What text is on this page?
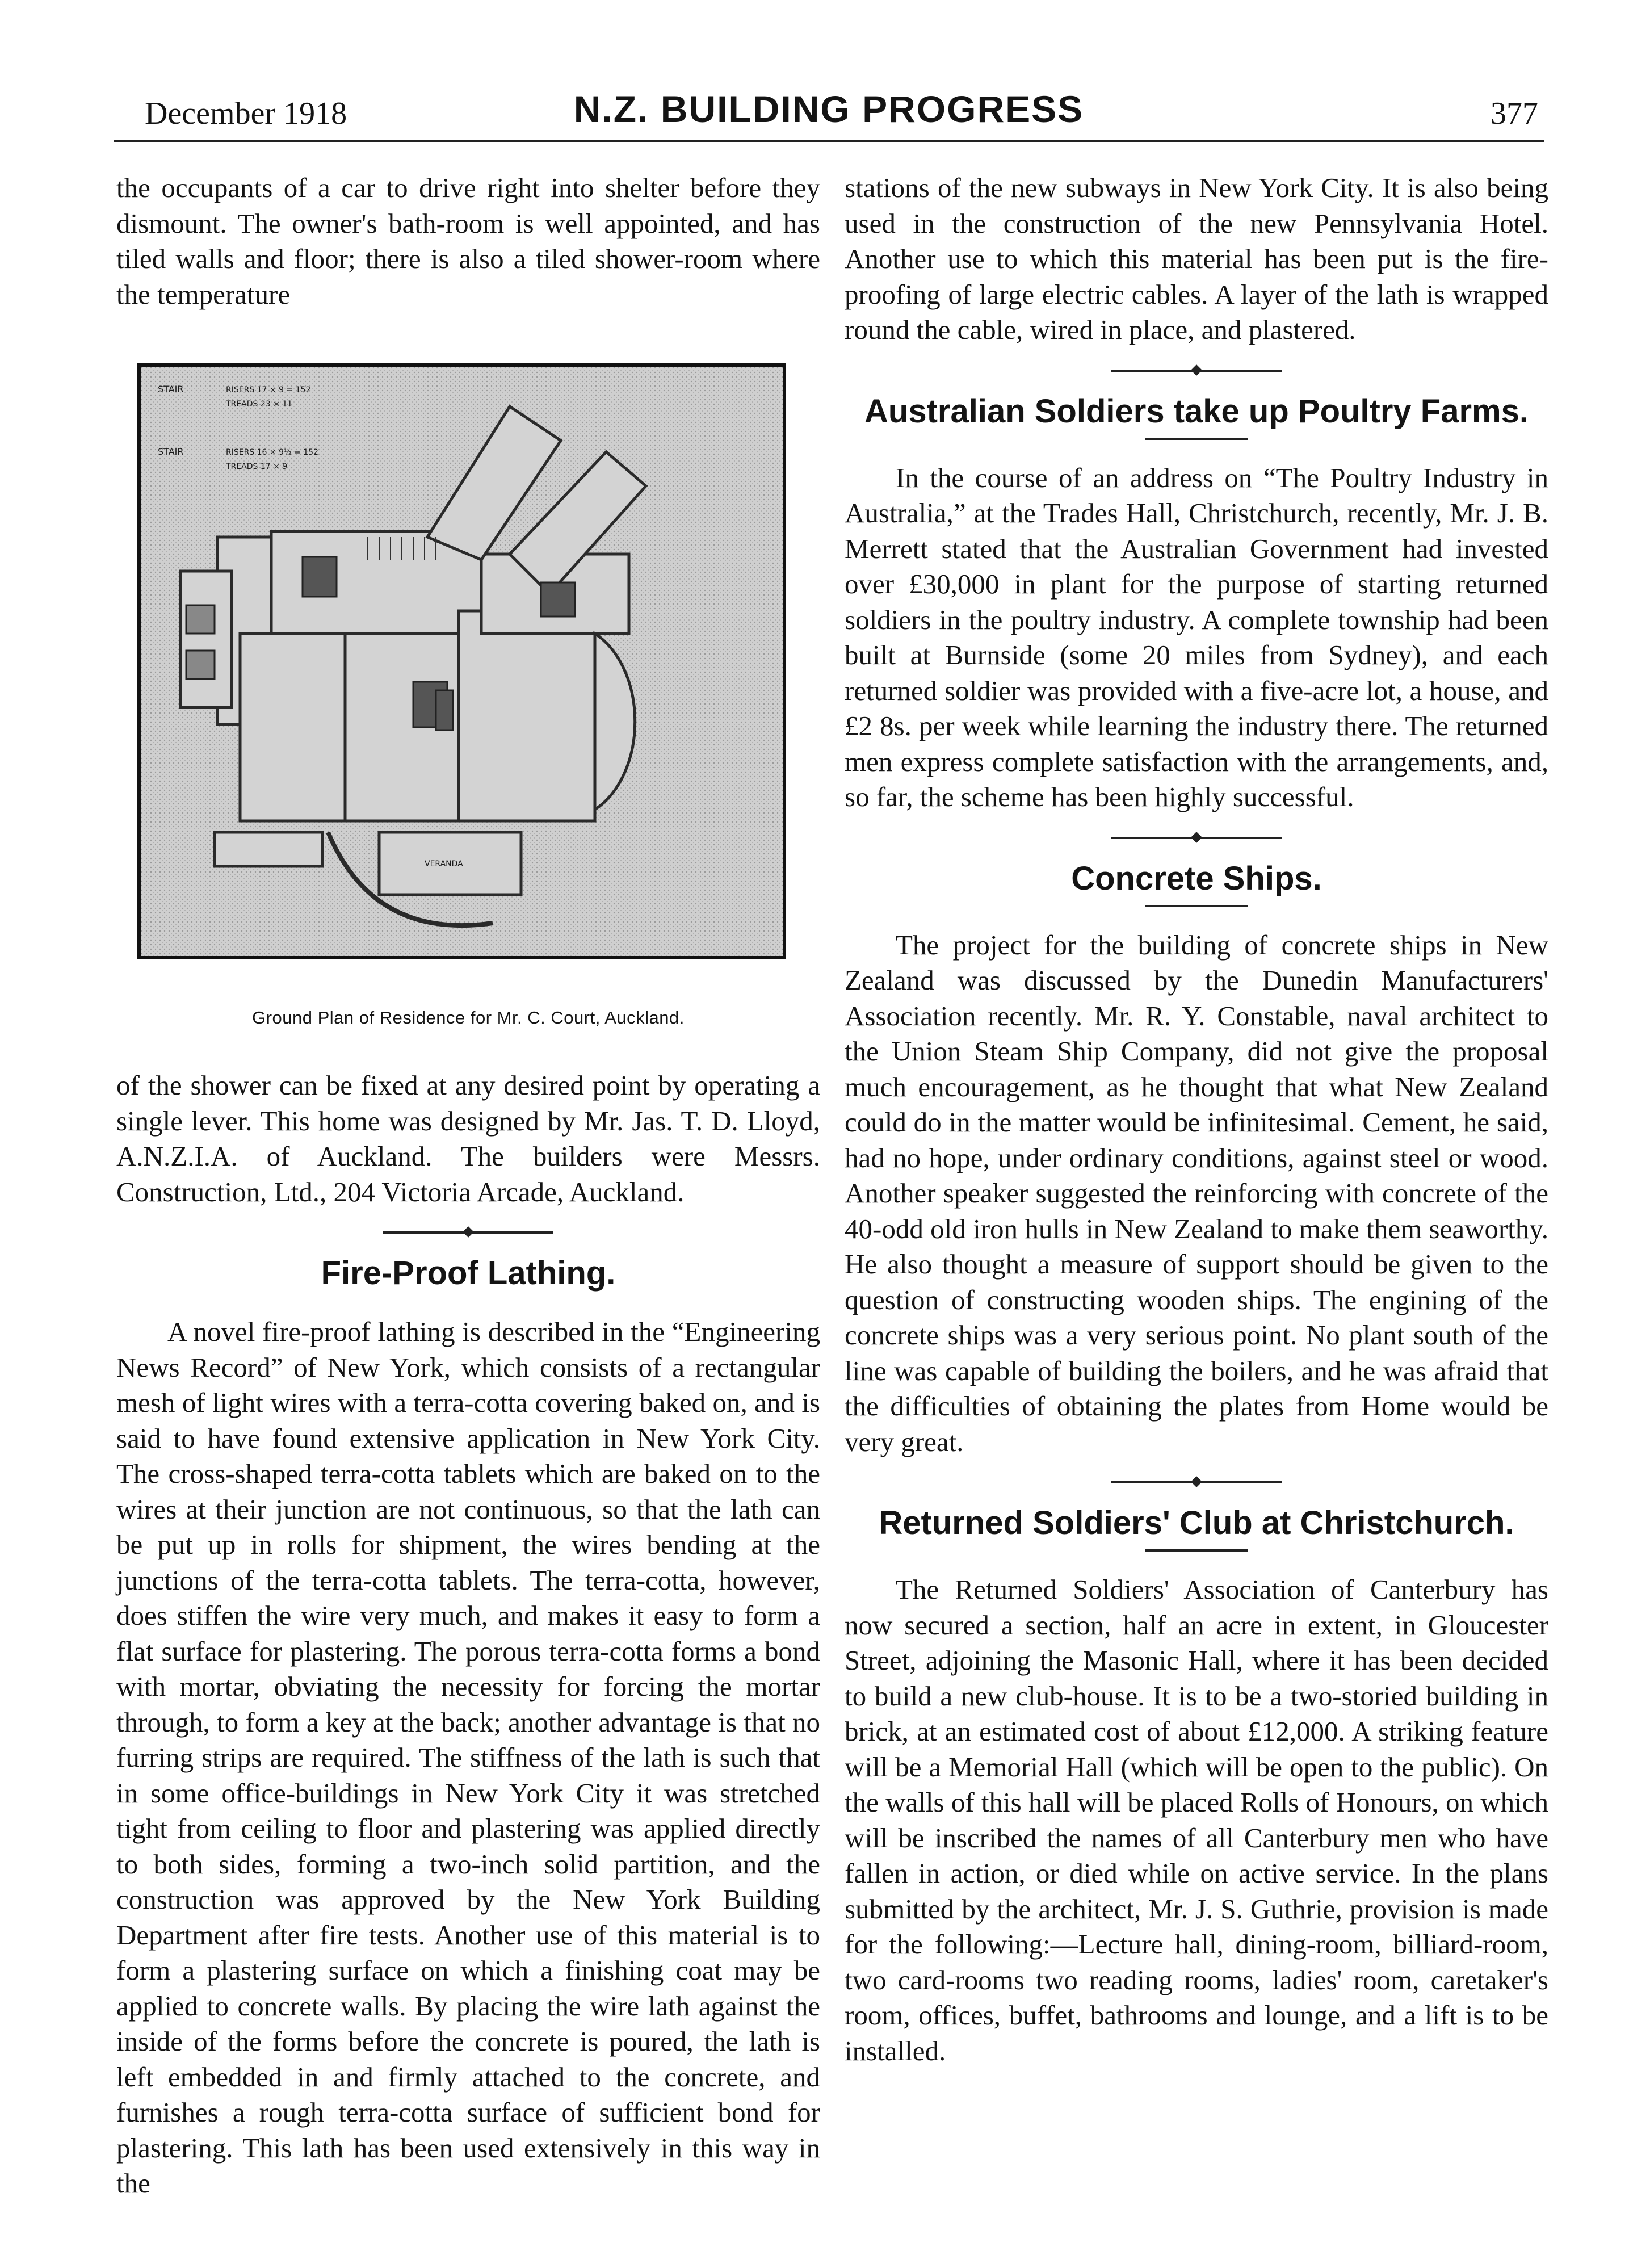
December 1918	N.Z. BUILDING PROGRESS	377

the occupants of a car to drive right into shelter before they dismount. The owner's bath-room is well appointed, and has tiled walls and floor; there is also a tiled shower-room where the temperature

STAIR	RISERS 17 × 9 = 152
TREADS 23 × 11
STAIR	RISERS 16 × 9½ = 152
TREADS 17 × 9
VERANDA
Ground Plan of Residence for Mr. C. Court, Auckland.

of the shower can be fixed at any desired point by operating a single lever. This home was designed by Mr. Jas. T. D. Lloyd, A.N.Z.I.A. of Auckland. The builders were Messrs. Construction, Ltd., 204 Victoria Arcade, Auckland.

Fire-Proof Lathing.

A novel fire-proof lathing is described in the “Engineering News Record” of New York, which consists of a rectangular mesh of light wires with a terra-cotta covering baked on, and is said to have found extensive application in New York City. The cross-shaped terra-cotta tablets which are baked on to the wires at their junction are not continuous, so that the lath can be put up in rolls for shipment, the wires bending at the junctions of the terra-cotta tablets. The terra-cotta, however, does stiffen the wire very much, and makes it easy to form a flat surface for plastering. The porous terra-cotta forms a bond with mortar, obviating the necessity for forcing the mortar through, to form a key at the back; another advantage is that no furring strips are required. The stiffness of the lath is such that in some office-buildings in New York City it was stretched tight from ceiling to floor and plastering was applied directly to both sides, forming a two-inch solid partition, and the construction was approved by the New York Building Department after fire tests. Another use of this material is to form a plastering surface on which a finishing coat may be applied to concrete walls. By placing the wire lath against the inside of the forms before the concrete is poured, the lath is left embedded in and firmly attached to the concrete, and furnishes a rough terra-cotta surface of sufficient bond for plastering. This lath has been used extensively in this way in the

stations of the new subways in New York City. It is also being used in the construction of the new Pennsylvania Hotel. Another use to which this material has been put is the fire-proofing of large electric cables. A layer of the lath is wrapped round the cable, wired in place, and plastered.

Australian Soldiers take up Poultry Farms.

In the course of an address on “The Poultry Industry in Australia,” at the Trades Hall, Christchurch, recently, Mr. J. B. Merrett stated that the Australian Government had invested over £30,000 in plant for the purpose of starting returned soldiers in the poultry industry. A complete township had been built at Burnside (some 20 miles from Sydney), and each returned soldier was provided with a five-acre lot, a house, and £2 8s. per week while learning the industry there. The returned men express complete satisfaction with the arrangements, and, so far, the scheme has been highly successful.

Concrete Ships.

The project for the building of concrete ships in New Zealand was discussed by the Dunedin Manufacturers' Association recently. Mr. R. Y. Constable, naval architect to the Union Steam Ship Company, did not give the proposal much encouragement, as he thought that what New Zealand could do in the matter would be infinitesimal. Cement, he said, had no hope, under ordinary conditions, against steel or wood. Another speaker suggested the reinforcing with concrete of the 40-odd old iron hulls in New Zealand to make them seaworthy. He also thought a measure of support should be given to the question of constructing wooden ships. The engining of the concrete ships was a very serious point. No plant south of the line was capable of building the boilers, and he was afraid that the difficulties of obtaining the plates from Home would be very great.

Returned Soldiers' Club at Christchurch.

The Returned Soldiers' Association of Canterbury has now secured a section, half an acre in extent, in Gloucester Street, adjoining the Masonic Hall, where it has been decided to build a new club-house. It is to be a two-storied building in brick, at an estimated cost of about £12,000. A striking feature will be a Memorial Hall (which will be open to the public). On the walls of this hall will be placed Rolls of Honours, on which will be inscribed the names of all Canterbury men who have fallen in action, or died while on active service. In the plans submitted by the architect, Mr. J. S. Guthrie, provision is made for the following:—Lecture hall, dining-room, billiard-room, two card-rooms two reading rooms, ladies' room, caretaker's room, offices, buffet, bathrooms and lounge, and a lift is to be installed.
